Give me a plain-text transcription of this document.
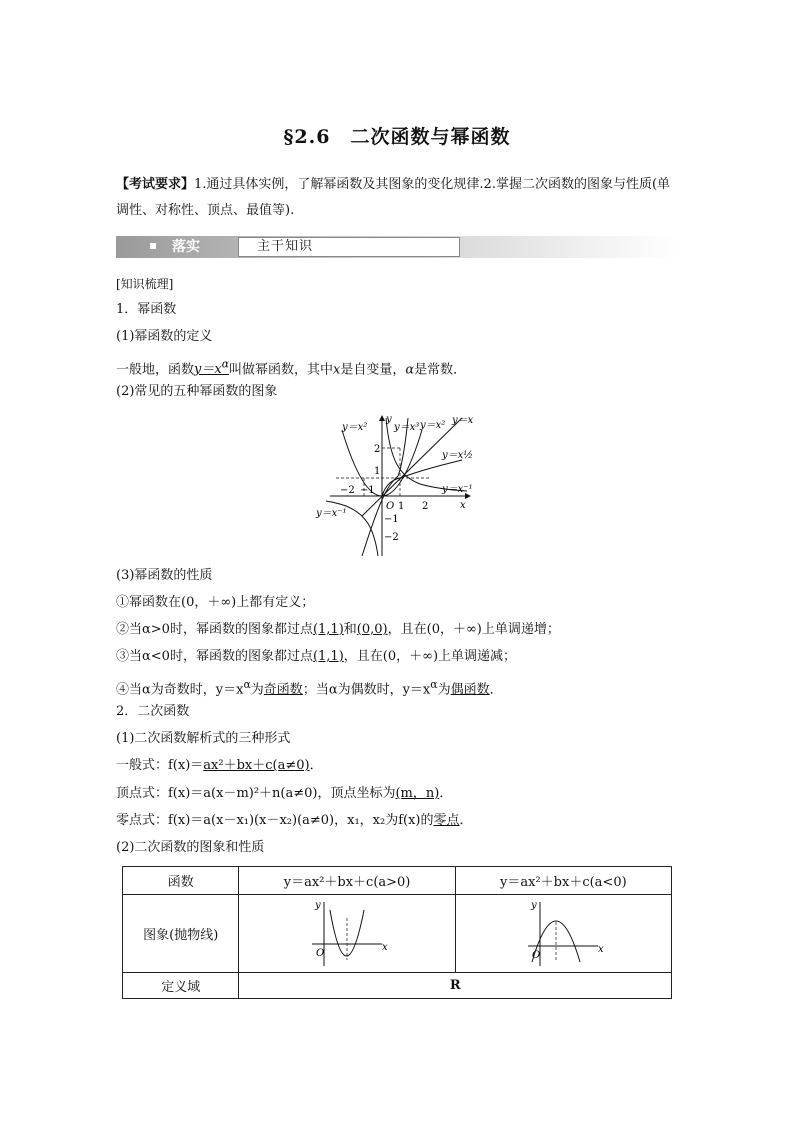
§2.6　二次函数与幂函数
【考试要求】1.通过具体实例，了解幂函数及其图象的变化规律.2.掌握二次函数的图象与性质(单调性、对称性、顶点、最值等).
落实	主干知识
[知识梳理]
1．幂函数
(1)幂函数的定义
一般地，函数$y=x^\alpha$叫做幂函数，其中x是自变量，α是常数．
(2)常见的五种幂函数的图象
y＝x²	y＝x³ y＝x² y＝x
y＝x½
y＝x⁻¹
y＝x⁻¹
y
x
O
2
1
−2 −1
1 2
−1
−2
(3)幂函数的性质
①幂函数在(0，＋∞)上都有定义；
②当α>0时，幂函数的图象都过点(1,1)和(0,0)，且在(0，＋∞)上单调递增；
③当α<0时，幂函数的图象都过点(1,1)，且在(0，＋∞)上单调递减；
④当α为奇数时，$y=x^\alpha$为奇函数；当α为偶数时，$y=x^\alpha$为偶函数．
2．二次函数
(1)二次函数解析式的三种形式
一般式：f(x)＝ax²＋bx＋c(a≠0)．
顶点式：f(x)＝a(x－m)²＋n(a≠0)，顶点坐标为(m，n)．
零点式：f(x)＝a(x－x₁)(x－x₂)(a≠0)，x₁，x₂为f(x)的零点．
(2)二次函数的图象和性质
函数	y＝ax²＋bx＋c(a>0)	y＝ax²＋bx＋c(a<0)
图象(抛物线)	y
x
O	y
x
O

定义域	R	
